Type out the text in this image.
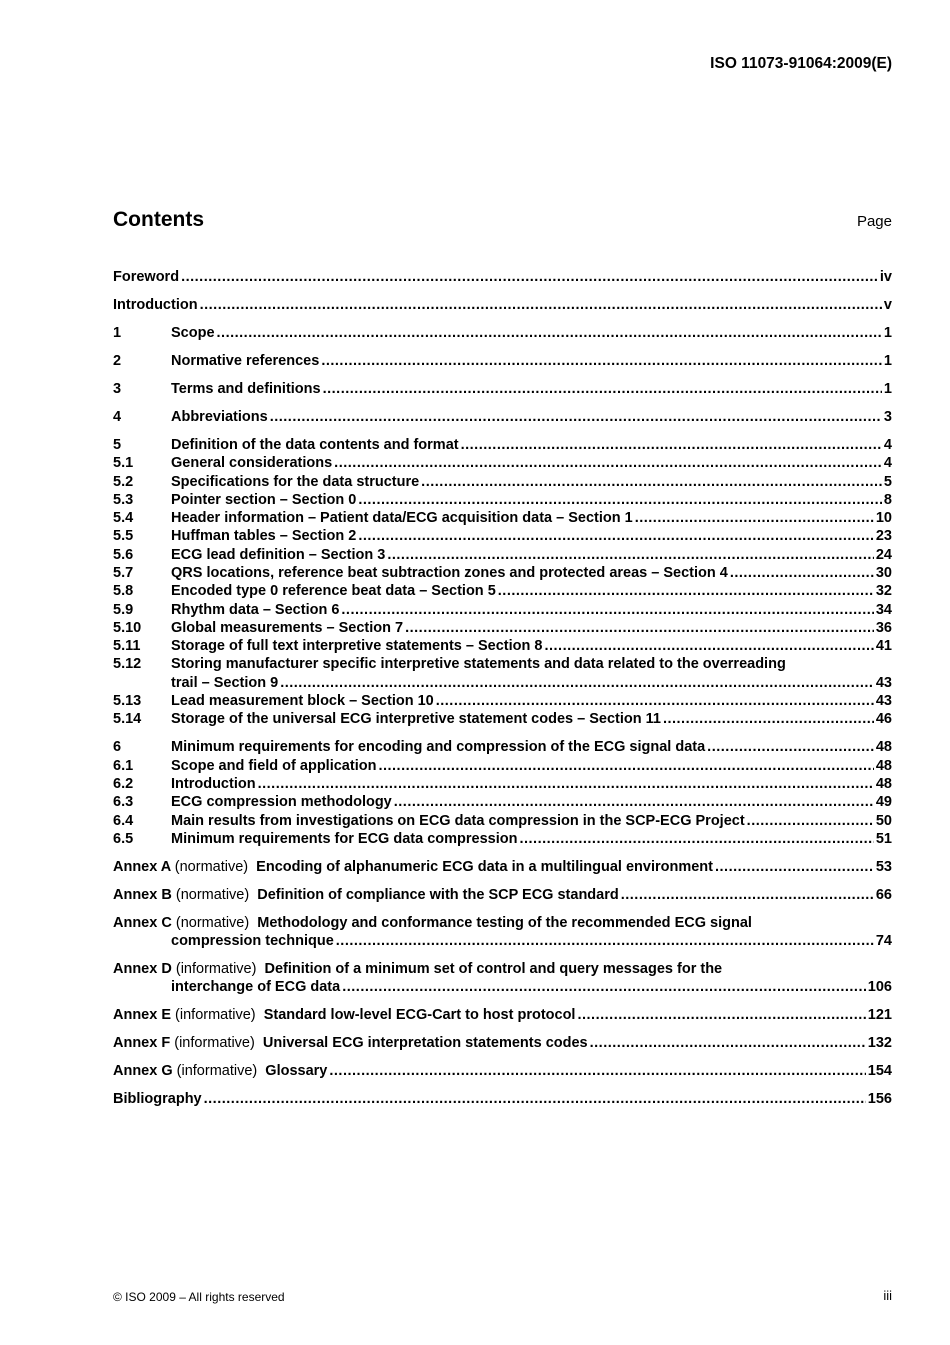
ISO 11073-91064:2009(E)
Contents	Page
Foreword .....	iv
Introduction .....	v
1	Scope .....	1
2	Normative references .....	1
3	Terms and definitions .....	1
4	Abbreviations .....	3
5	Definition of the data contents and format .....	4
5.1	General considerations .....	4
5.2	Specifications for the data structure .....	5
5.3	Pointer section – Section 0 .....	8
5.4	Header information – Patient data/ECG acquisition data – Section 1 .....	10
5.5	Huffman tables – Section 2 .....	23
5.6	ECG lead definition – Section 3 .....	24
5.7	QRS locations, reference beat subtraction zones and protected areas – Section 4 .....	30
5.8	Encoded type 0 reference beat data – Section 5 .....	32
5.9	Rhythm data – Section 6 .....	34
5.10	Global measurements – Section 7 .....	36
5.11	Storage of full text interpretive statements – Section 8 .....	41
5.12	Storing manufacturer specific interpretive statements and data related to the overreading
trail – Section 9 .....	43
5.13	Lead measurement block – Section 10 .....	43
5.14	Storage of the universal ECG interpretive statement codes – Section 11 .....	46
6	Minimum requirements for encoding and compression of the ECG signal data .....	48
6.1	Scope and field of application .....	48
6.2	Introduction .....	48
6.3	ECG compression methodology .....	49
6.4	Main results from investigations on ECG data compression in the SCP-ECG Project .....	50
6.5	Minimum requirements for ECG data compression .....	51
Annex A (normative) Encoding of alphanumeric ECG data in a multilingual environment .....	53
Annex B (normative) Definition of compliance with the SCP ECG standard .....	66
Annex C (normative) Methodology and conformance testing of the recommended ECG signal
compression technique .....	74
Annex D (informative) Definition of a minimum set of control and query messages for the
interchange of ECG data .....	106
Annex E (informative) Standard low-level ECG-Cart to host protocol .....	121
Annex F (informative) Universal ECG interpretation statements codes .....	132
Annex G (informative) Glossary .....	154
Bibliography .....	156
© ISO 2009 – All rights reserved	iii
